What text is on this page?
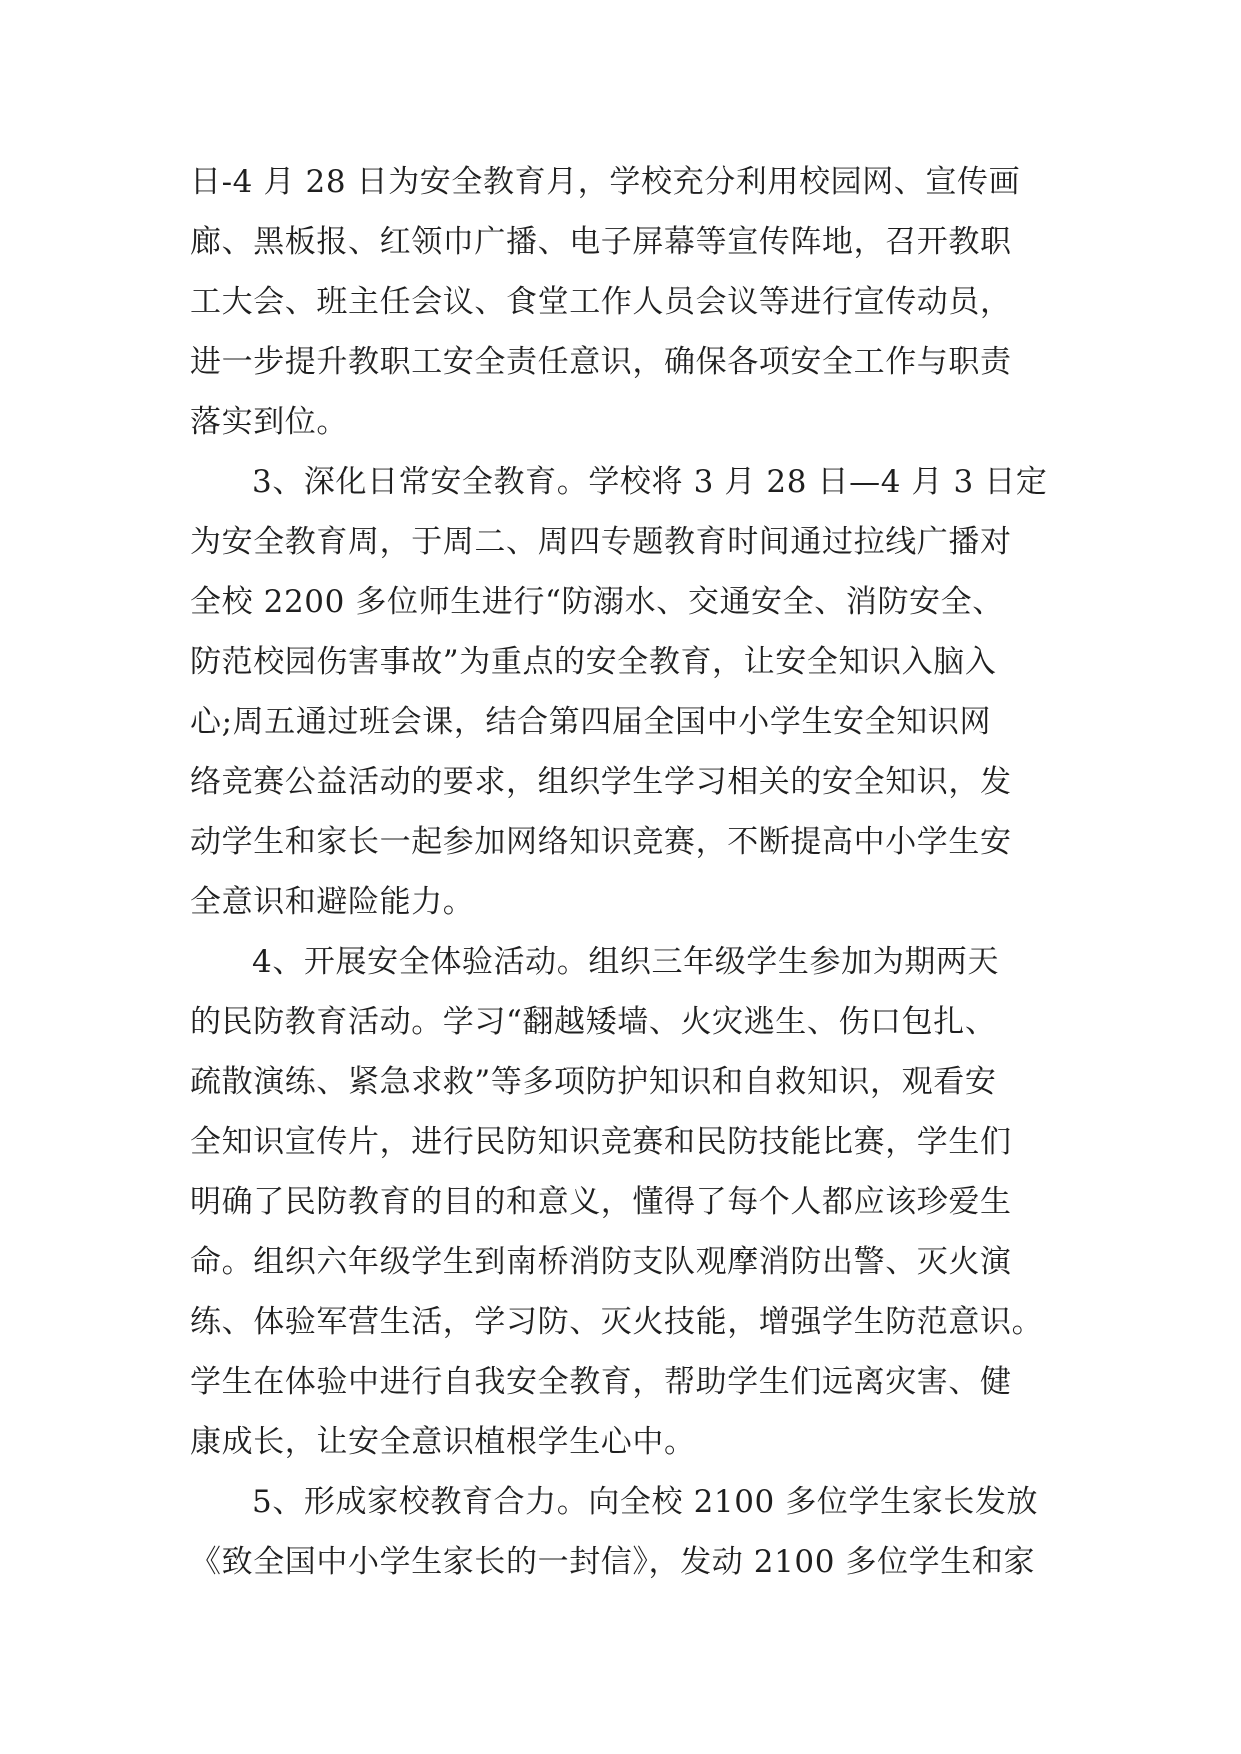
日-4 月 28 日为安全教育月，学校充分利用校园网、宣传画
廊、黑板报、红领巾广播、电子屏幕等宣传阵地，召开教职
工大会、班主任会议、食堂工作人员会议等进行宣传动员，
进一步提升教职工安全责任意识，确保各项安全工作与职责
落实到位。
3、深化日常安全教育。学校将 3 月 28 日—4 月 3 日定
为安全教育周，于周二、周四专题教育时间通过拉线广播对
全校 2200 多位师生进行“防溺水、交通安全、消防安全、
防范校园伤害事故”为重点的安全教育，让安全知识入脑入
心;周五通过班会课，结合第四届全国中小学生安全知识网
络竞赛公益活动的要求，组织学生学习相关的安全知识，发
动学生和家长一起参加网络知识竞赛，不断提高中小学生安
全意识和避险能力。
4、开展安全体验活动。组织三年级学生参加为期两天
的民防教育活动。学习“翻越矮墙、火灾逃生、伤口包扎、
疏散演练、紧急求救”等多项防护知识和自救知识，观看安
全知识宣传片，进行民防知识竞赛和民防技能比赛，学生们
明确了民防教育的目的和意义，懂得了每个人都应该珍爱生
命。组织六年级学生到南桥消防支队观摩消防出警、灭火演
练、体验军营生活，学习防、灭火技能，增强学生防范意识。
学生在体验中进行自我安全教育，帮助学生们远离灾害、健
康成长，让安全意识植根学生心中。
5、形成家校教育合力。向全校 2100 多位学生家长发放
《致全国中小学生家长的一封信》，发动 2100 多位学生和家
